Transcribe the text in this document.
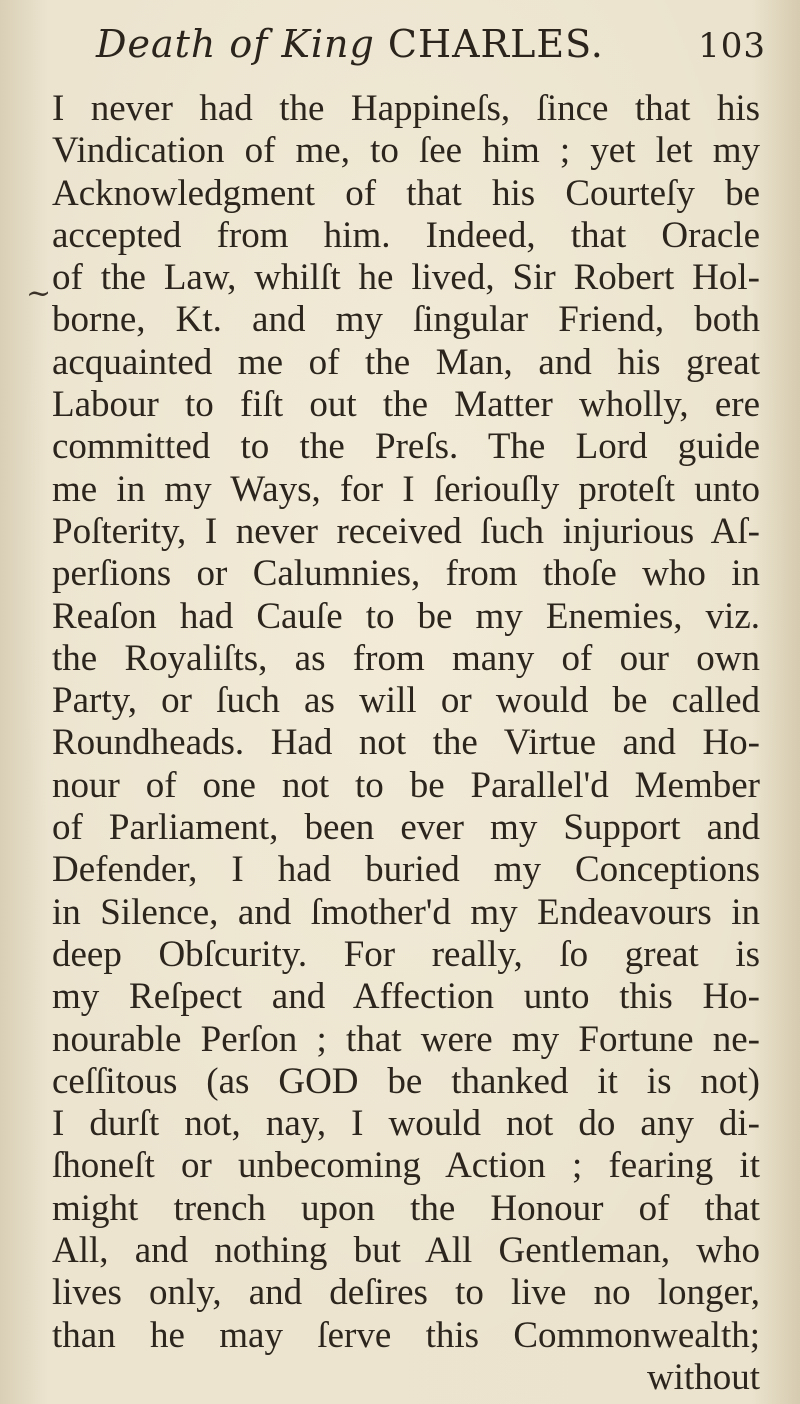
Death of King CHARLES.	103
~
I never had the Happineſs, ſince that his
Vindication of me, to ſee him ; yet let my
Acknowledgment of that his Courteſy be
accepted from him. Indeed, that Oracle
of the Law, whilſt he lived, Sir Robert Hol-
borne, Kt. and my ſingular Friend, both
acquainted me of the Man, and his great
Labour to fiſt out the Matter wholly, ere
committed to the Preſs. The Lord guide
me in my Ways, for I ſeriouſly proteſt unto
Poſterity, I never received ſuch injurious Aſ-
perſions or Calumnies, from thoſe who in
Reaſon had Cauſe to be my Enemies, viz.
the Royaliſts, as from many of our own
Party, or ſuch as will or would be called
Roundheads. Had not the Virtue and Ho-
nour of one not to be Parallel'd Member
of Parliament, been ever my Support and
Defender, I had buried my Conceptions
in Silence, and ſmother'd my Endeavours in
deep Obſcurity. For really, ſo great is
my Reſpect and Affection unto this Ho-
nourable Perſon ; that were my Fortune ne-
ceſſitous (as GOD be thanked it is not)
I durſt not, nay, I would not do any di-
ſhoneſt or unbecoming Action ; fearing it
might trench upon the Honour of that
All, and nothing but All Gentleman, who
lives only, and deſires to live no longer,
than he may ſerve this Commonwealth;
without
